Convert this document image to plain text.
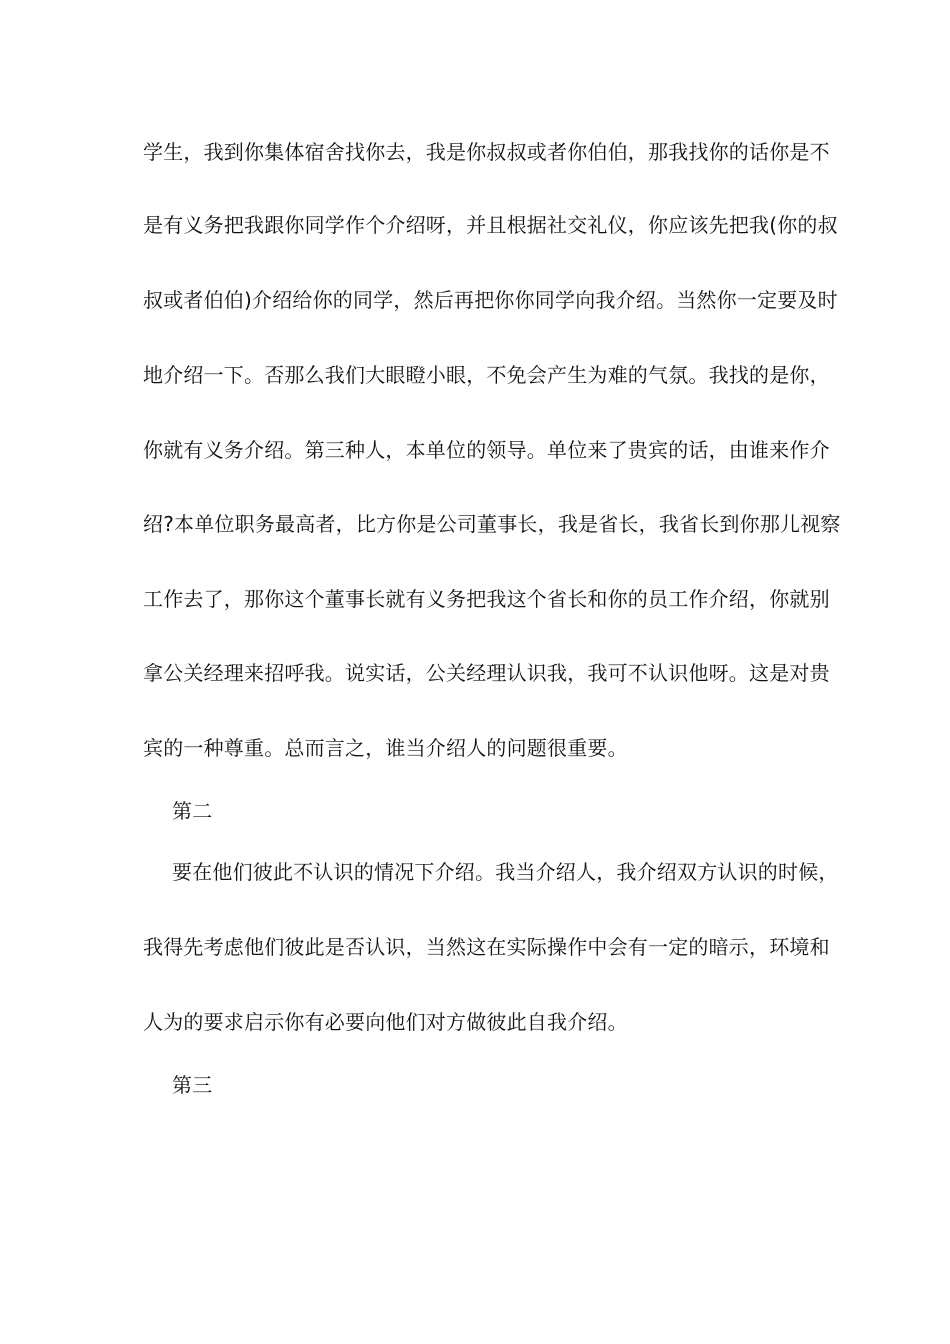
学生，我到你集体宿舍找你去，我是你叔叔或者你伯伯，那我找你的话你是不
是有义务把我跟你同学作个介绍呀，并且根据社交礼仪，你应该先把我(你的叔
叔或者伯伯)介绍给你的同学，然后再把你你同学向我介绍。当然你一定要及时
地介绍一下。否那么我们大眼瞪小眼，不免会产生为难的气氛。我找的是你，
你就有义务介绍。第三种人，本单位的领导。单位来了贵宾的话，由谁来作介
绍?本单位职务最高者，比方你是公司董事长，我是省长，我省长到你那儿视察
工作去了，那你这个董事长就有义务把我这个省长和你的员工作介绍，你就别
拿公关经理来招呼我。说实话，公关经理认识我，我可不认识他呀。这是对贵
宾的一种尊重。总而言之，谁当介绍人的问题很重要。
第二
要在他们彼此不认识的情况下介绍。我当介绍人，我介绍双方认识的时候，
我得先考虑他们彼此是否认识，当然这在实际操作中会有一定的暗示，环境和
人为的要求启示你有必要向他们对方做彼此自我介绍。
第三
